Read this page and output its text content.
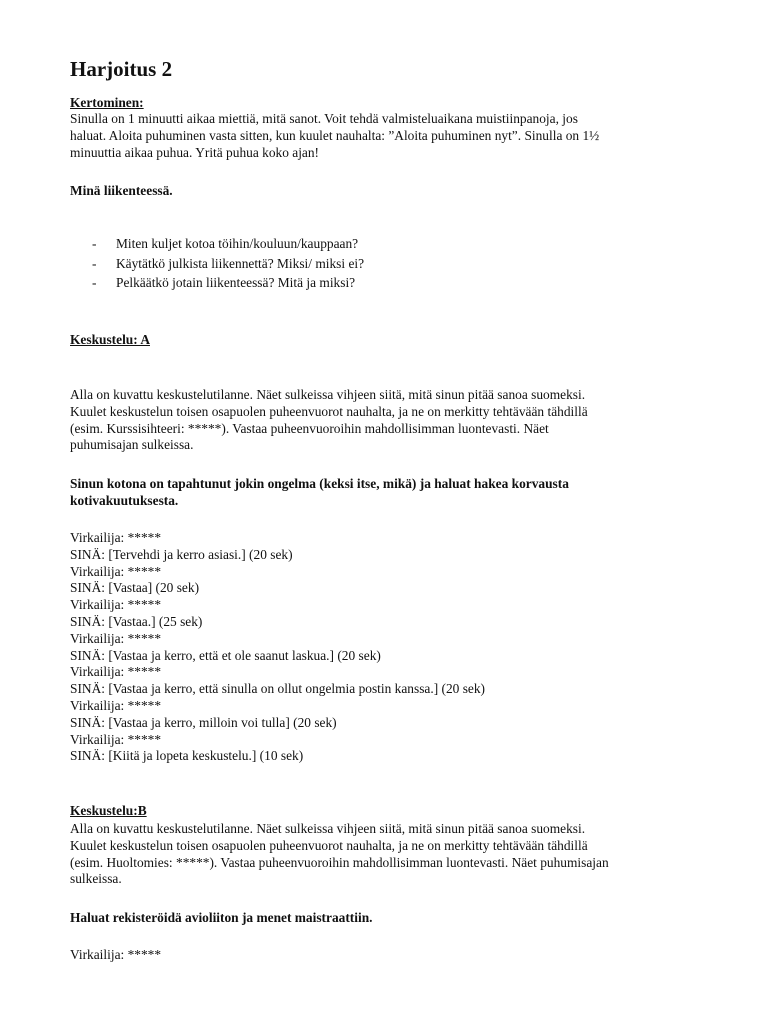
Harjoitus 2
Kertominen:
Sinulla on 1 minuutti aikaa miettiä, mitä sanot. Voit tehdä valmisteluaikana muistiinpanoja, jos
haluat. Aloita puhuminen vasta sitten, kun kuulet nauhalta: ”Aloita puhuminen nyt”. Sinulla on 1½
minuuttia aikaa puhua. Yritä puhua koko ajan!
Minä liikenteessä.
- Miten kuljet kotoa töihin/kouluun/kauppaan?
- Käytätkö julkista liikennettä? Miksi/ miksi ei?
- Pelkäätkö jotain liikenteessä? Mitä ja miksi?
Keskustelu: A
Alla on kuvattu keskustelutilanne. Näet sulkeissa vihjeen siitä, mitä sinun pitää sanoa suomeksi.
Kuulet keskustelun toisen osapuolen puheenvuorot nauhalta, ja ne on merkitty tehtävään tähdillä
(esim. Kurssisihteeri: *****). Vastaa puheenvuoroihin mahdollisimman luontevasti. Näet
puhumisajan sulkeissa.
Sinun kotona on tapahtunut jokin ongelma (keksi itse, mikä) ja haluat hakea korvausta
kotivakuutuksesta.
Virkailija: *****
SINÄ: [Tervehdi ja kerro asiasi.] (20 sek)
Virkailija: *****
SINÄ: [Vastaa] (20 sek)
Virkailija: *****
SINÄ: [Vastaa.] (25 sek)
Virkailija: *****
SINÄ: [Vastaa ja kerro, että et ole saanut laskua.] (20 sek)
Virkailija: *****
SINÄ: [Vastaa ja kerro, että sinulla on ollut ongelmia postin kanssa.] (20 sek)
Virkailija: *****
SINÄ: [Vastaa ja kerro, milloin voi tulla] (20 sek)
Virkailija: *****
SINÄ: [Kiitä ja lopeta keskustelu.] (10 sek)
Keskustelu:B
Alla on kuvattu keskustelutilanne. Näet sulkeissa vihjeen siitä, mitä sinun pitää sanoa suomeksi.
Kuulet keskustelun toisen osapuolen puheenvuorot nauhalta, ja ne on merkitty tehtävään tähdillä
(esim. Huoltomies: *****). Vastaa puheenvuoroihin mahdollisimman luontevasti. Näet puhumisajan
sulkeissa.
Haluat rekisteröidä avioliiton ja menet maistraattiin.
Virkailija: *****
